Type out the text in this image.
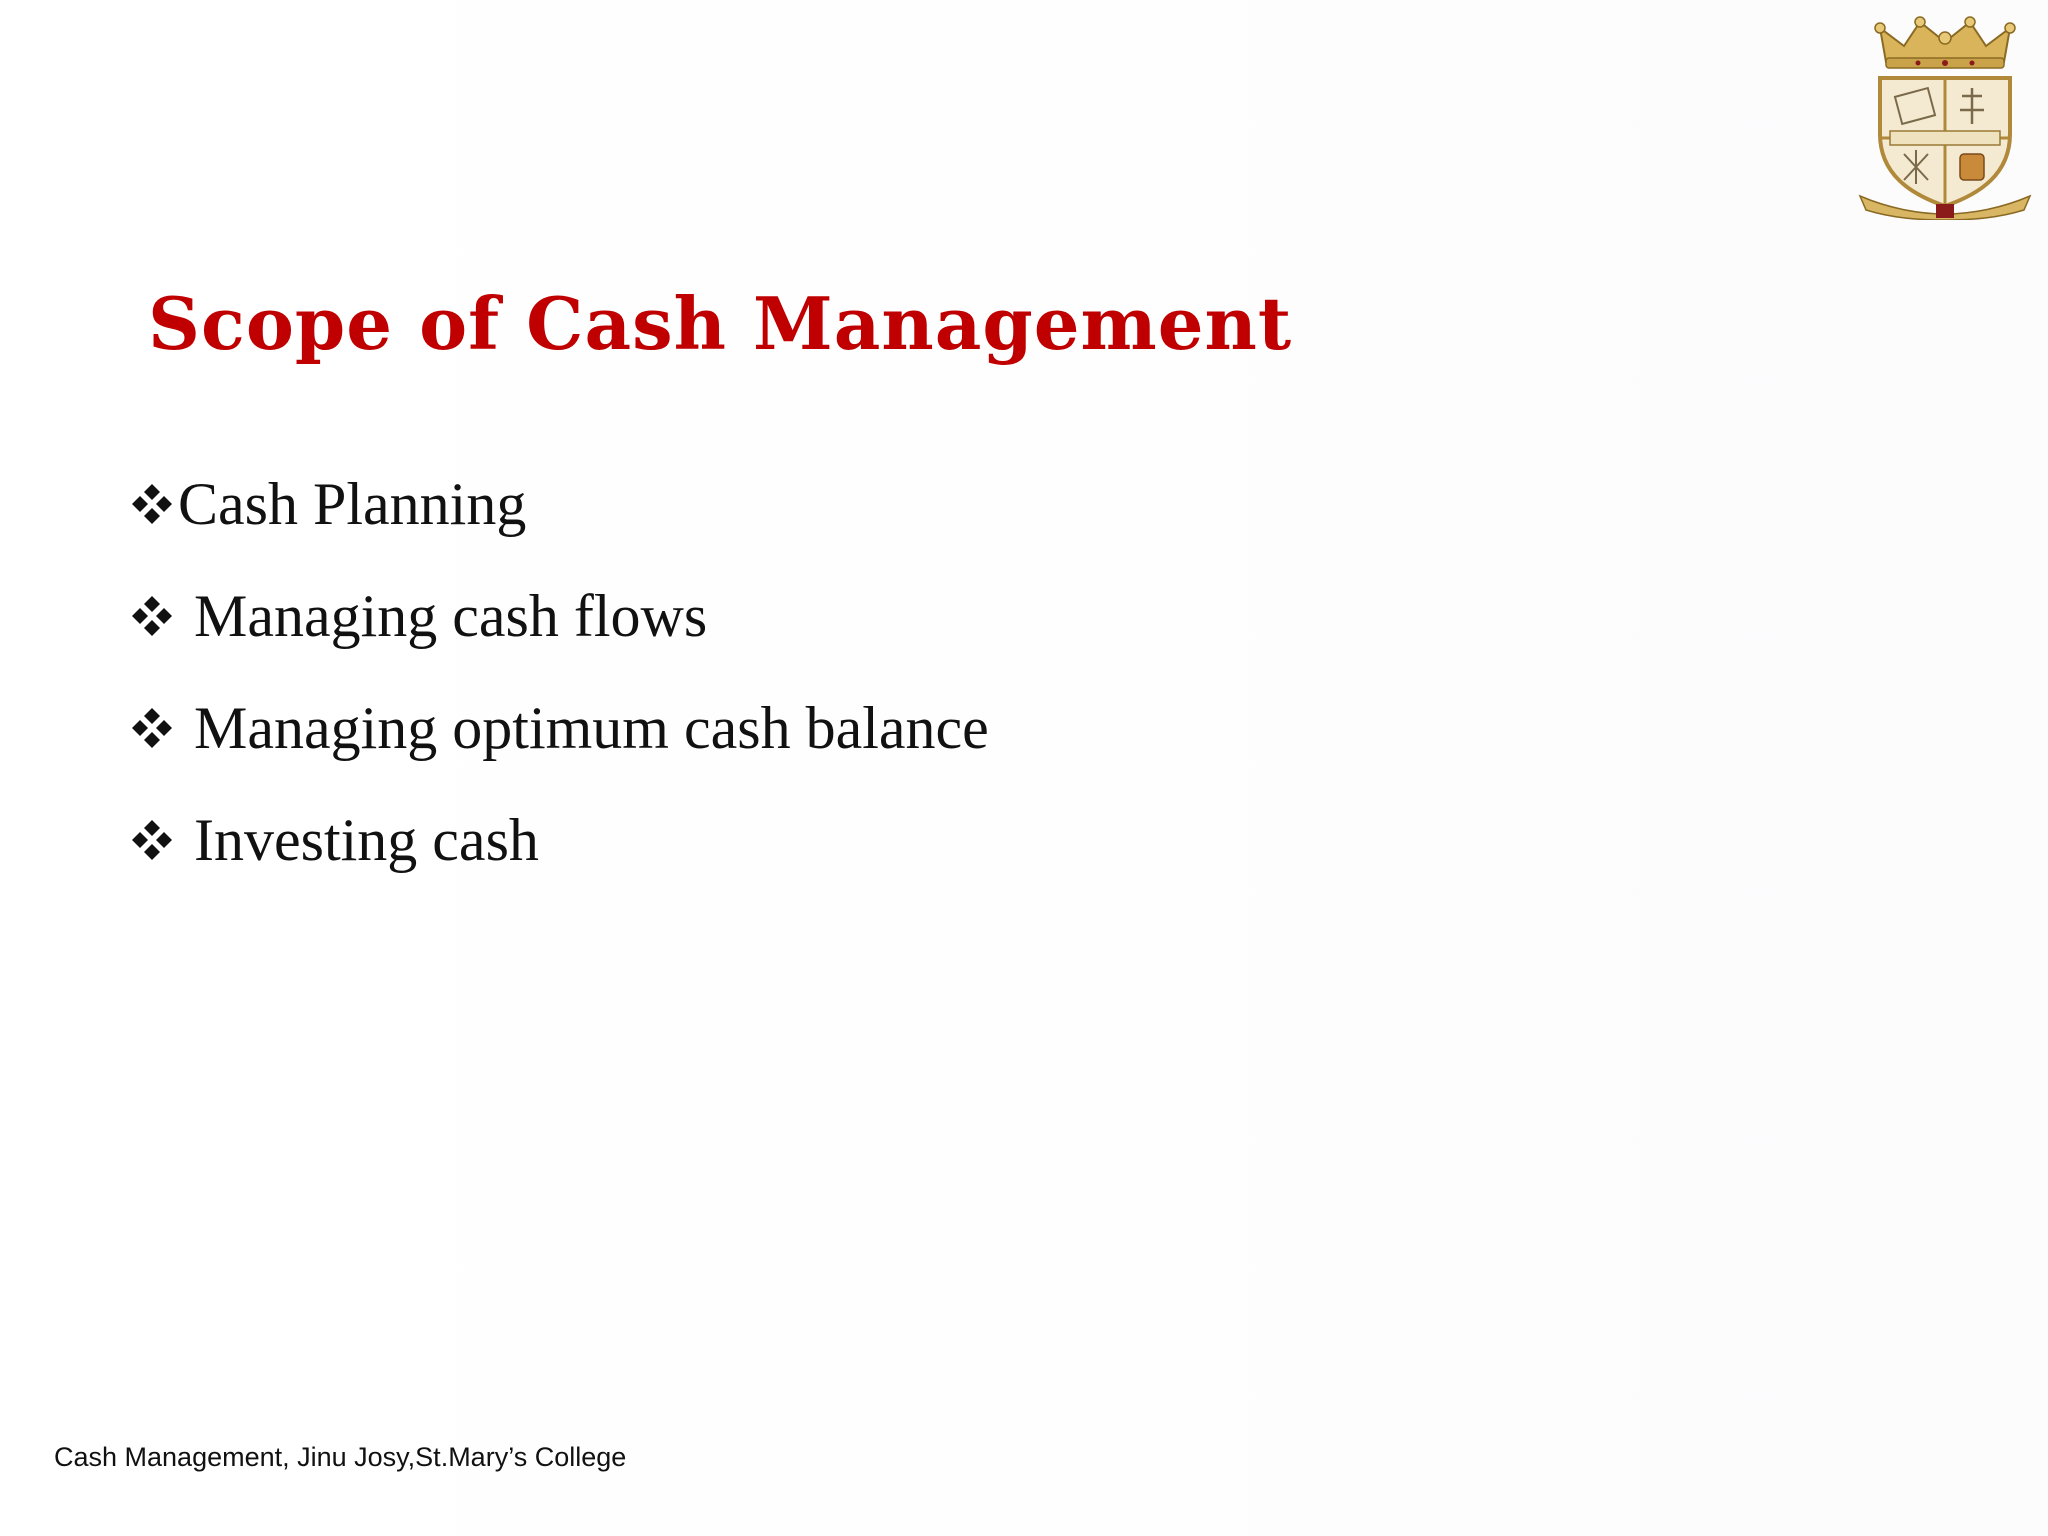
Scope of Cash Management
Cash Planning
Managing cash flows
Managing optimum cash balance
Investing cash

Cash Management, Jinu Josy,St.Mary’s College
